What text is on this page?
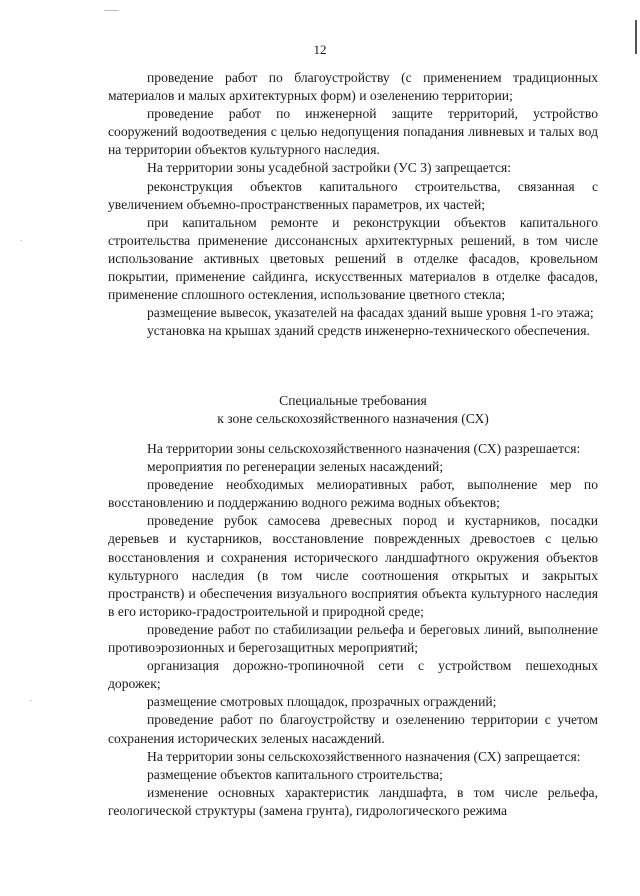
12

проведение работ по благоустройству (с применением традиционных материалов и малых архитектурных форм) и озеленению территории;

проведение работ по инженерной защите территорий, устройство сооружений водоотведения с целью недопущения попадания ливневых и талых вод на территории объектов культурного наследия.

На территории зоны усадебной застройки (УС 3) запрещается:

реконструкция объектов капитального строительства, связанная с увеличением объемно-пространственных параметров, их частей;

при капитальном ремонте и реконструкции объектов капитального строительства применение диссонансных архитектурных решений, в том числе использование активных цветовых решений в отделке фасадов, кровельном покрытии, применение сайдинга, искусственных материалов в отделке фасадов, применение сплошного остекления, использование цветного стекла;

размещение вывесок, указателей на фасадах зданий выше уровня 1-го этажа;

установка на крышах зданий средств инженерно-технического обеспечения.

Специальные требования
к зоне сельскохозяйственного назначения (СХ)

На территории зоны сельскохозяйственного назначения (СХ) разрешается:

мероприятия по регенерации зеленых насаждений;

проведение необходимых мелиоративных работ, выполнение мер по восстановлению и поддержанию водного режима водных объектов;

проведение рубок самосева древесных пород и кустарников, посадки деревьев и кустарников, восстановление поврежденных древостоев с целью восстановления и сохранения исторического ландшафтного окружения объектов культурного наследия (в том числе соотношения открытых и закрытых пространств) и обеспечения визуального восприятия объекта культурного наследия в его историко-градостроительной и природной среде;

проведение работ по стабилизации рельефа и береговых линий, выполнение противоэрозионных и берегозащитных мероприятий;

организация дорожно-тропиночной сети с устройством пешеходных дорожек;

размещение смотровых площадок, прозрачных ограждений;

проведение работ по благоустройству и озеленению территории с учетом сохранения исторических зеленых насаждений.

На территории зоны сельскохозяйственного назначения (СХ) запрещается:

размещение объектов капитального строительства;

изменение основных характеристик ландшафта, в том числе рельефа, геологической структуры (замена грунта), гидрологического режима
